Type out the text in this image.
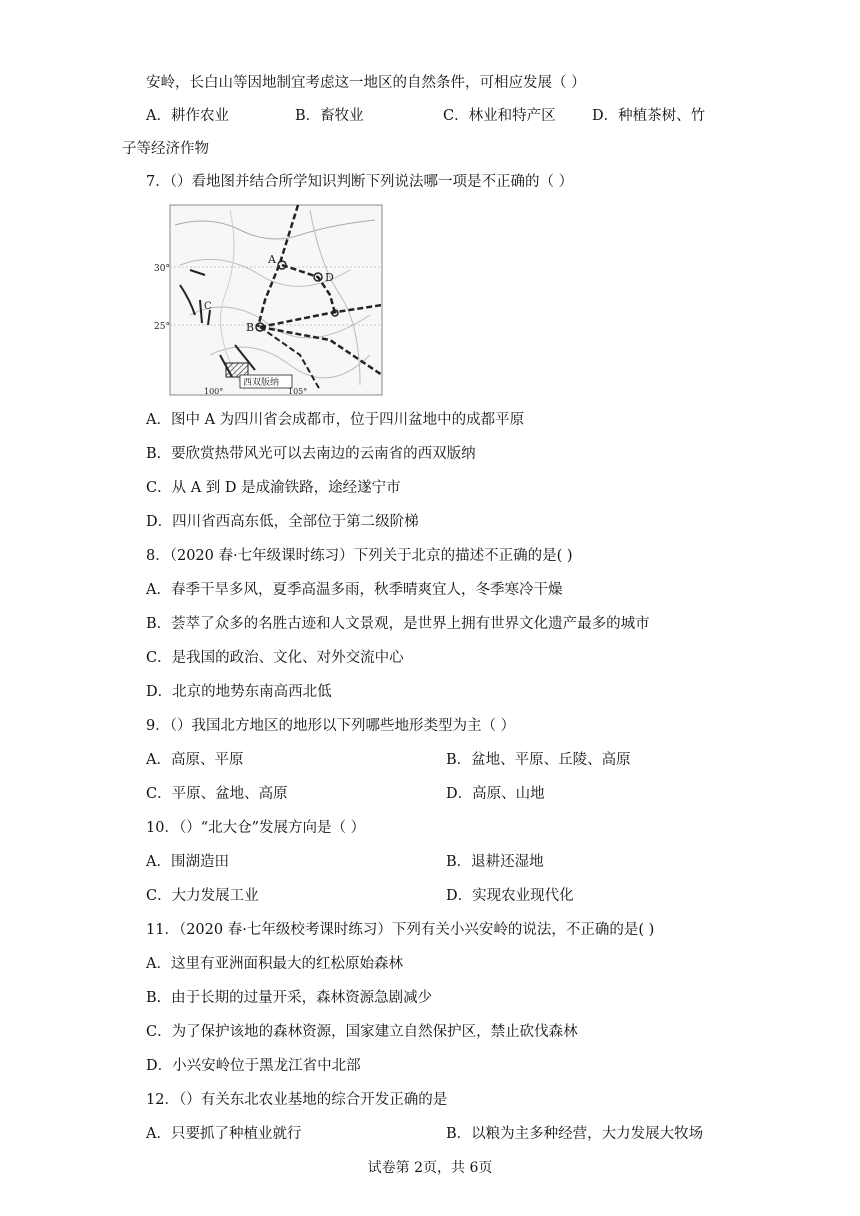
安岭，长白山等因地制宜考虑这一地区的自然条件，可相应发展（ ）
A．耕作农业	B．畜牧业	C．林业和特产区	D．种植茶树、竹
子等经济作物
7．（）看地图并结合所学知识判断下列说法哪一项是不正确的（ ）
30°
25°
A
D
B
C
西双版纳
100°	105°
A．图中 A 为四川省会成都市，位于四川盆地中的成都平原
B．要欣赏热带风光可以去南边的云南省的西双版纳
C．从 A 到 D 是成渝铁路，途经遂宁市
D．四川省西高东低，全部位于第二级阶梯
8．（2020 春·七年级课时练习）下列关于北京的描述不正确的是( )
A．春季干旱多风，夏季高温多雨，秋季晴爽宜人，冬季寒冷干燥
B．荟萃了众多的名胜古迹和人文景观，是世界上拥有世界文化遗产最多的城市
C．是我国的政治、文化、对外交流中心
D．北京的地势东南高西北低
9．（）我国北方地区的地形以下列哪些地形类型为主（ ）
A．高原、平原	B．盆地、平原、丘陵、高原
C．平原、盆地、高原	D．高原、山地
10．（）“北大仓”发展方向是（ ）
A．围湖造田	B．退耕还湿地
C．大力发展工业	D．实现农业现代化
11．（2020 春·七年级校考课时练习）下列有关小兴安岭的说法，不正确的是( )
A．这里有亚洲面积最大的红松原始森林
B．由于长期的过量开采，森林资源急剧减少
C．为了保护该地的森林资源，国家建立自然保护区，禁止砍伐森林
D．小兴安岭位于黑龙江省中北部
12．（）有关东北农业基地的综合开发正确的是
A．只要抓了种植业就行	B．以粮为主多种经营，大力发展大牧场
试卷第 2页，共 6页
